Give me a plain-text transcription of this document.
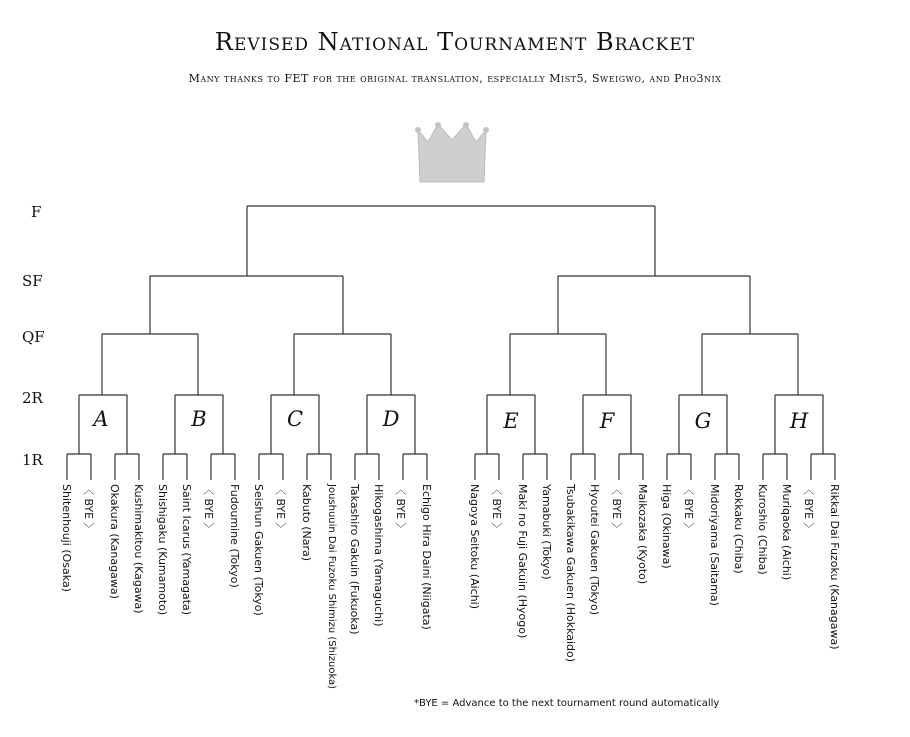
Revised National Tournament Bracket
Many thanks to FET for the original translation, especially Mist5, Sweigwo, and Pho3nix
F
SF
QF
2R
1R
A	B	C	D	E	F	G	H
Shitenhouji (Osaka) 〈 BYE 〉 Okakura (Kanagawa) Kushimakitou (Kagawa) Shishigaku (Kumamoto) Saint Icarus (Yamagata) 〈 BYE 〉 Fudoumine (Tokyo) Seishun Gakuen (Tokyo) 〈 BYE 〉 Kabuto (Nara) Joushuuin Dai Fuzoku Shimizu (Shizuoka) Takashiro Gakuin (Fukuoka) Hikogashima (Yamaguchi) 〈 BYE 〉 Echigo Hira Daini (Niigata)	Nagoya Seitoku (Aichi) 〈 BYE 〉 Maki no Fuji Gakuin (Hyogo) Yamabuki (Tokyo) Tsubakikawa Gakuen (Hokkaido) Hyoutei Gakuen (Tokyo) 〈 BYE 〉 Maikozaka (Kyoto) Higa (Okinawa) 〈 BYE 〉 Midoriyama (Saitama) Rokkaku (Chiba) Kuroshio (Chiba) Muriqaoka (Aichi) 〈 BYE 〉 Rikkai Dai Fuzoku (Kanagawa)
*BYE = Advance to the next tournament round automatically
